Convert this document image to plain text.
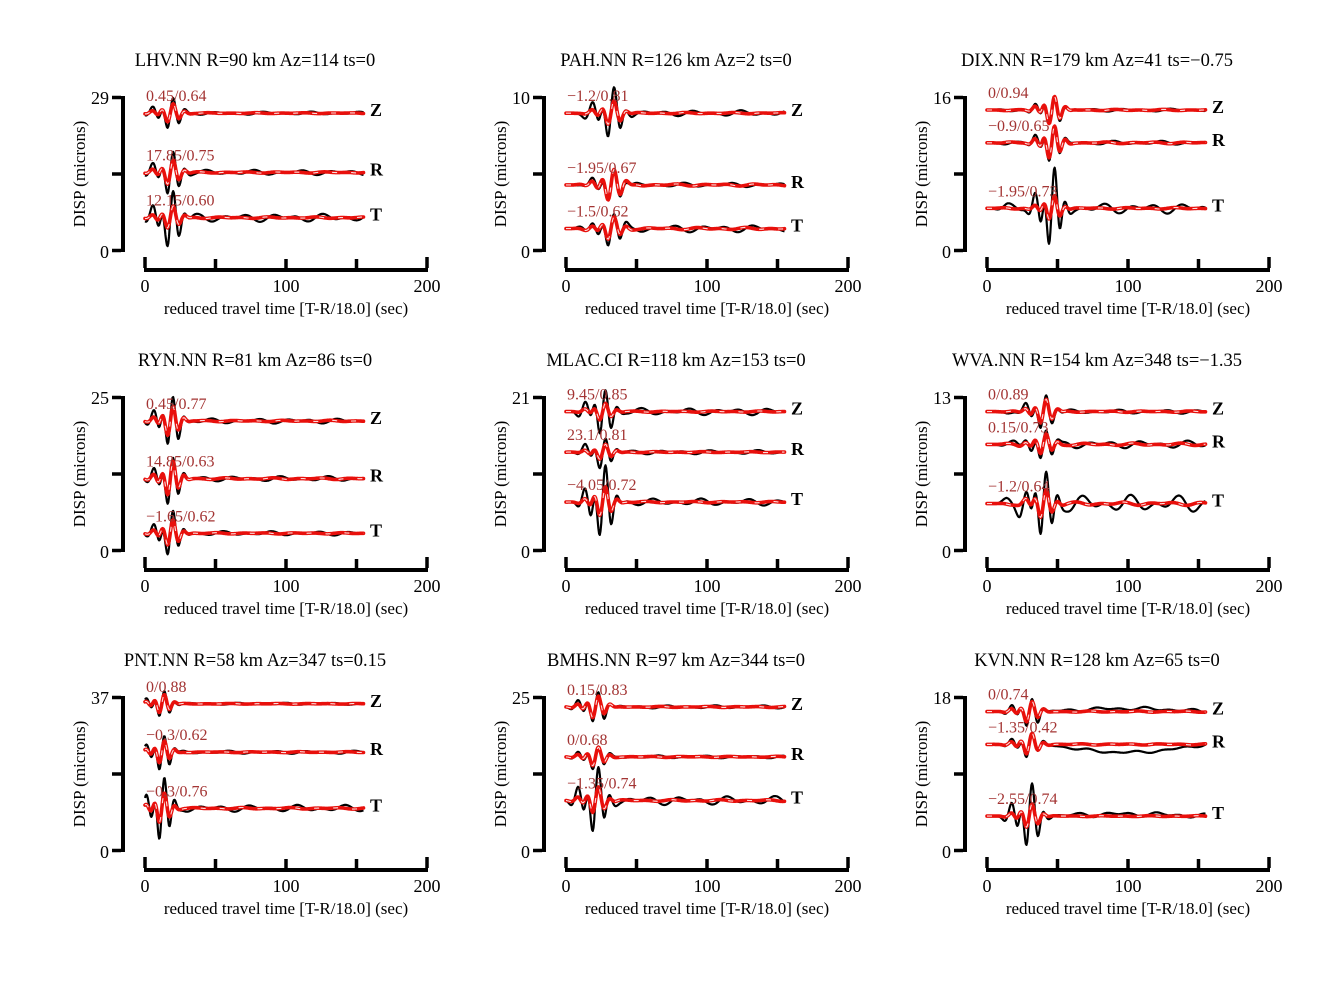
LHV.NN R=90 km Az=114 ts=0
29
0
DISP (microns)
0	100	200
reduced travel time [T-R/18.0] (sec)
0.45/0.64
Z
17.85/0.75
R
12.15/0.60
T
PAH.NN R=126 km Az=2 ts=0
10
0
DISP (microns)
0	100	200
reduced travel time [T-R/18.0] (sec)
−1.2/0.81
Z
−1.95/0.67
R
−1.5/0.62
T
DIX.NN R=179 km Az=41 ts=−0.75
16
0
DISP (microns)
0	100	200
reduced travel time [T-R/18.0] (sec)
0/0.94
Z
−0.9/0.65
R
−1.95/0.73
T
RYN.NN R=81 km Az=86 ts=0
25
0
DISP (microns)
0	100	200
reduced travel time [T-R/18.0] (sec)
0.45/0.77
Z
14.85/0.63
R
−1.65/0.62
T
MLAC.CI R=118 km Az=153 ts=0
21
0
DISP (microns)
0	100	200
reduced travel time [T-R/18.0] (sec)
9.45/0.85
Z
23.1/0.81
R
−4.05/0.72
T
WVA.NN R=154 km Az=348 ts=−1.35
13
0
DISP (microns)
0	100	200
reduced travel time [T-R/18.0] (sec)
0/0.89
Z
0.15/0.73
R
−1.2/0.64
T
PNT.NN R=58 km Az=347 ts=0.15
37
0
DISP (microns)
0	100	200
reduced travel time [T-R/18.0] (sec)
0/0.88
Z
−0.3/0.62
R
−0.3/0.76
T
BMHS.NN R=97 km Az=344 ts=0
25
0
DISP (microns)
0	100	200
reduced travel time [T-R/18.0] (sec)
0.15/0.83
Z
0/0.68
R
−1.35/0.74
T
KVN.NN R=128 km Az=65 ts=0
18
0
DISP (microns)
0	100	200
reduced travel time [T-R/18.0] (sec)
0/0.74
Z
−1.35/0.42
R
−2.55/0.74
T
